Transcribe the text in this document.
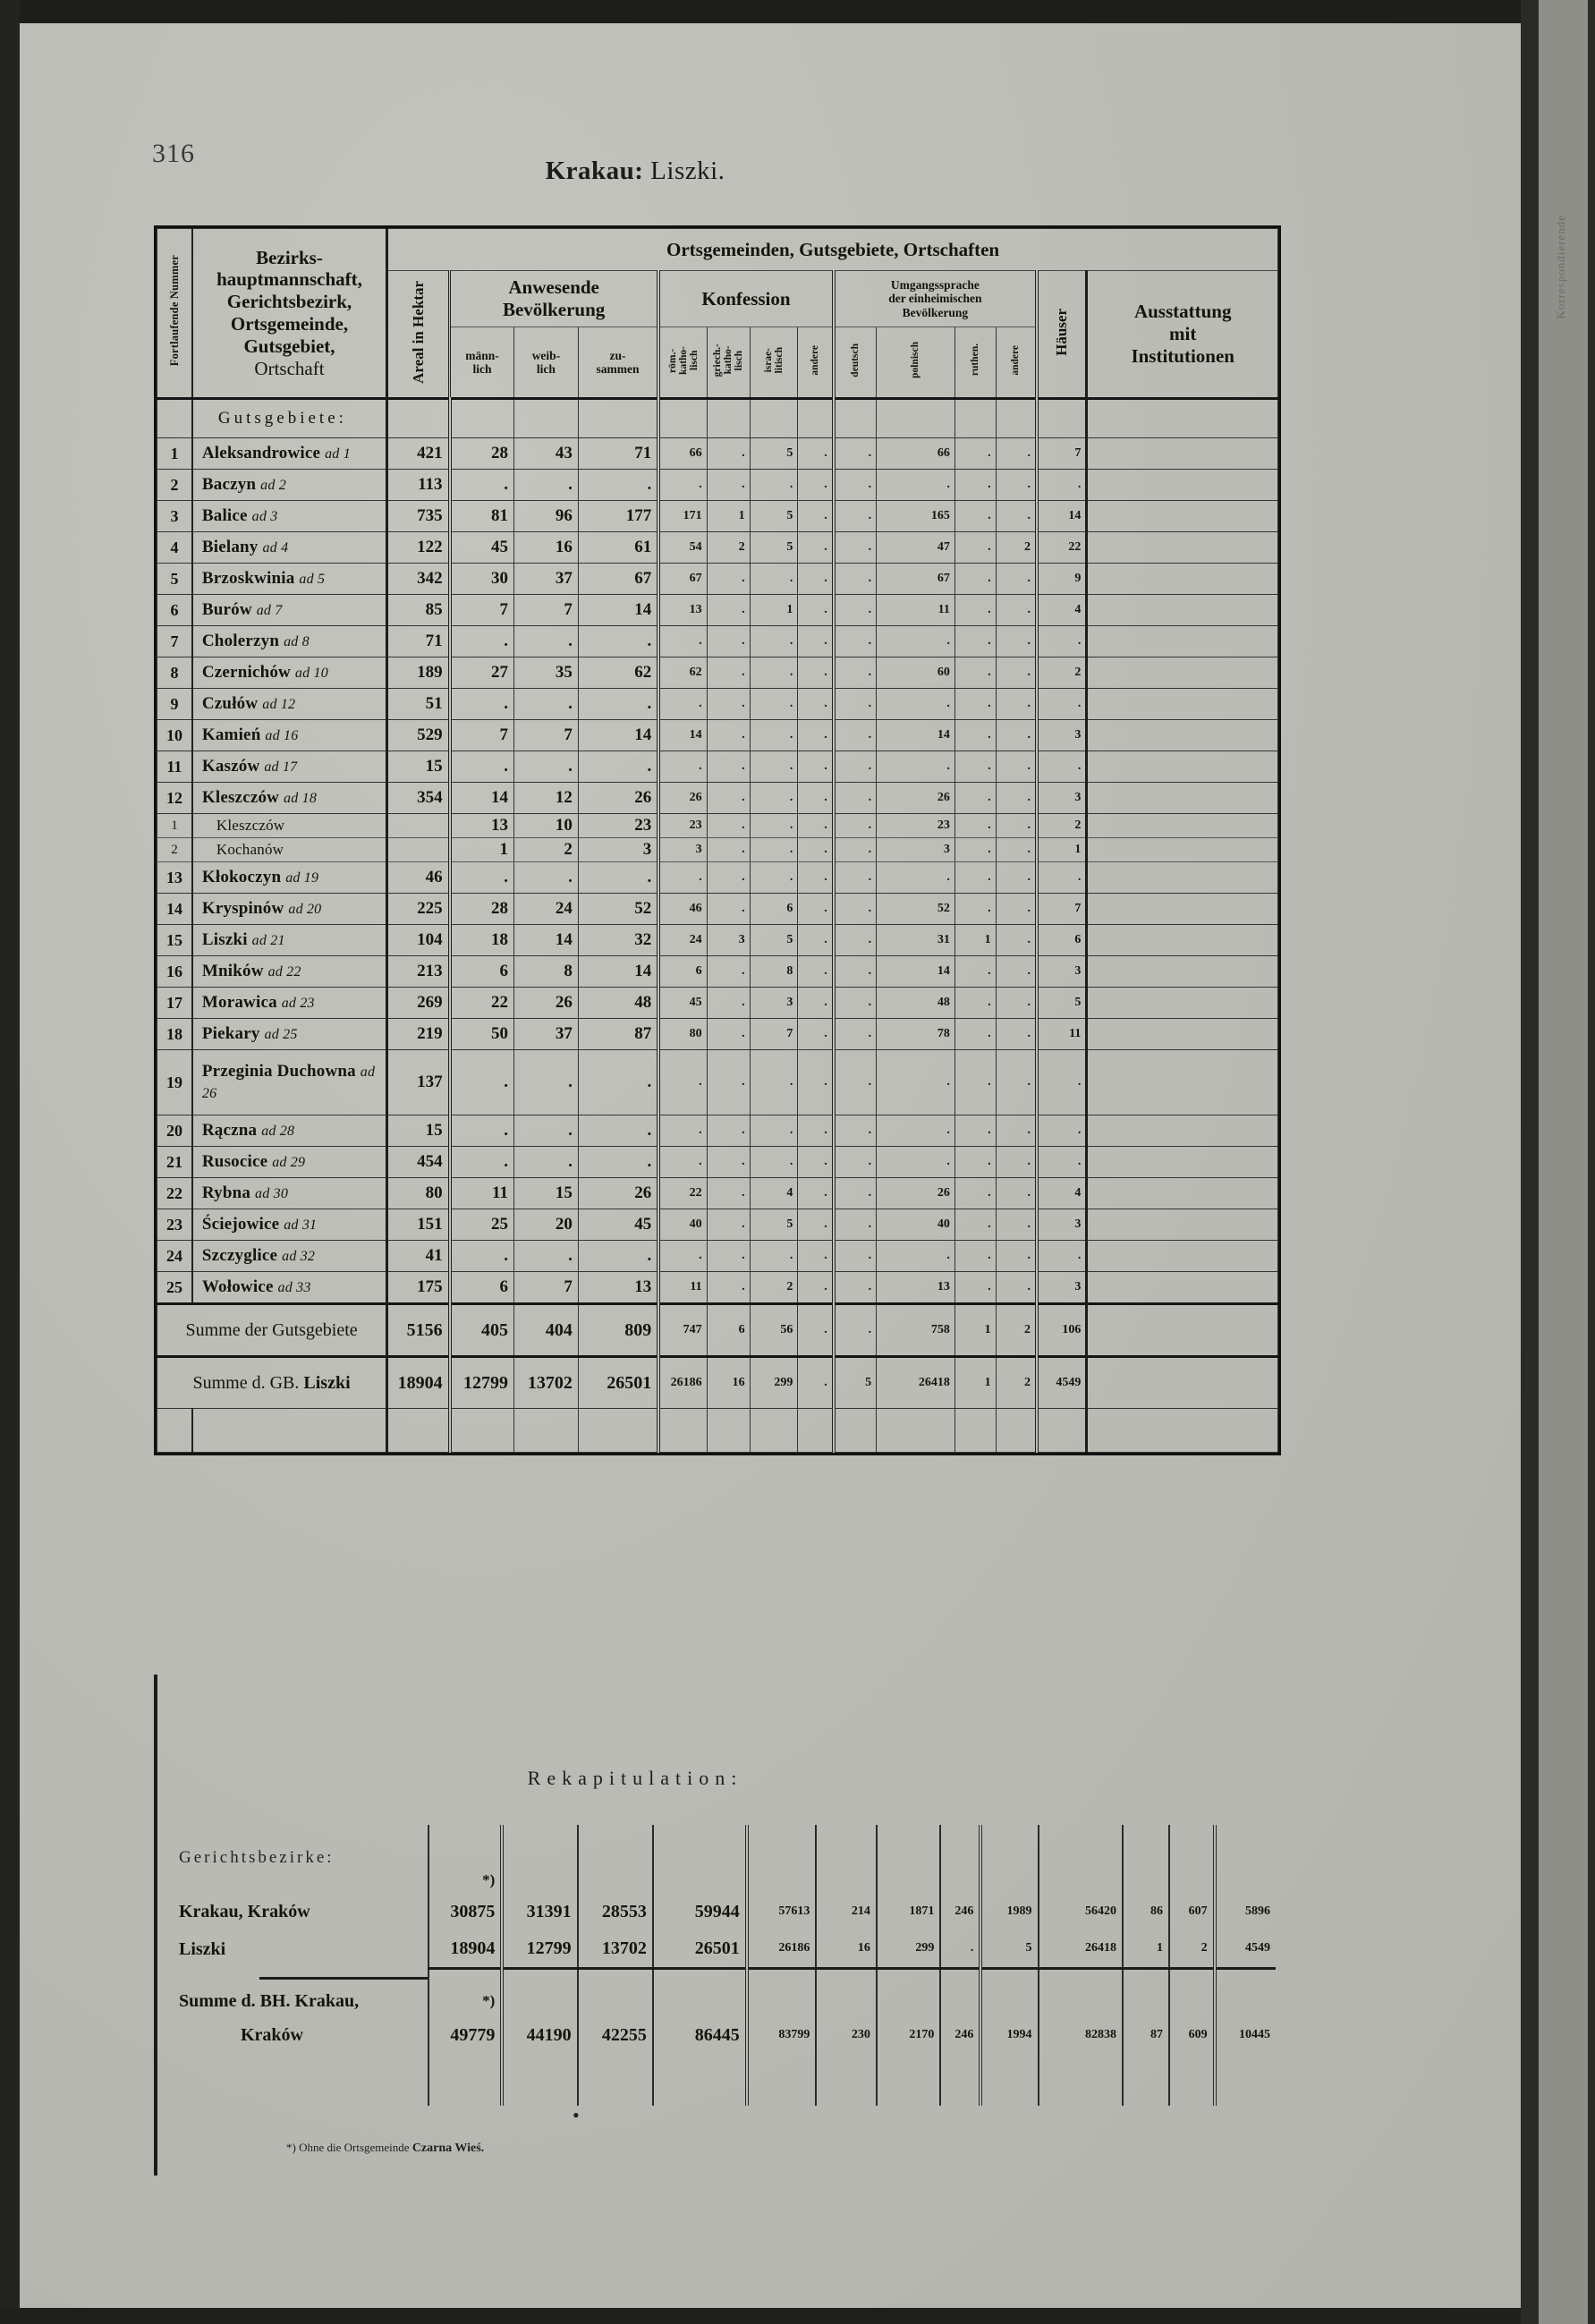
316
Krakau: Liszki.
Korrespondierende
Fortlaufende Nummer	Bezirks-
hauptmannschaft,
Gerichtsbezirk,
Ortsgemeinde,
Gutsgebiet,
Ortschaft
	Ortsgemeinden, Gutsgebiete, Ortschaften
Areal in Hektar	Anwesende
Bevölkerung
	Konfession	
Umgangssprache
der einheimischen
Bevölkerung	Häuser	Ausstattung
mit
Institutionen

männ-
lich

weib-
lich

zu-
sammen	röm.-
katho-
lisch	griech.-
katho-
lisch	israe-
litisch	andere	deutsch	polnisch	ruthen.	andere
	Gutsgebiete:														
1	Aleksandrowice ad 1	421	28	43	71	66	.	5	.	.	66	.	.	7	
2	Baczyn ad 2	113	.	.	.	.	.	.	.	.	.	.	.	.	
3	Balice ad 3	735	81	96	177	171	1	5	.	.	165	.	.	14	
4	Bielany ad 4	122	45	16	61	54	2	5	.	.	47	.	2	22	
5	Brzoskwinia ad 5	342	30	37	67	67	.	.	.	.	67	.	.	9	
6	Burów ad 7	85	7	7	14	13	.	1	.	.	11	.	.	4	
7	Cholerzyn ad 8	71	.	.	.	.	.	.	.	.	.	.	.	.	
8	Czernichów ad 10	189	27	35	62	62	.	.	.	.	60	.	.	2	
9	Czułów ad 12	51	.	.	.	.	.	.	.	.	.	.	.	.	
10	Kamień ad 16	529	7	7	14	14	.	.	.	.	14	.	.	3	
11	Kaszów ad 17	15	.	.	.	.	.	.	.	.	.	.	.	.	
12	Kleszczów ad 18	354	14	12	26	26	.	.	.	.	26	.	.	3	
1	Kleszczów		13	10	23	23	.	.	.	.	23	.	.	2	
2	Kochanów		1	2	3	3	.	.	.	.	3	.	.	1	
13	Kłokoczyn ad 19	46	.	.	.	.	.	.	.	.	.	.	.	.	
14	Kryspinów ad 20	225	28	24	52	46	.	6	.	.	52	.	.	7	
15	Liszki ad 21	104	18	14	32	24	3	5	.	.	31	1	.	6	
16	Mników ad 22	213	6	8	14	6	.	8	.	.	14	.	.	3	
17	Morawica ad 23	269	22	26	48	45	.	3	.	.	48	.	.	5	
18	Piekary ad 25	219	50	37	87	80	.	7	.	.	78	.	.	11	
19	Przeginia Duchowna ad 26	137	.	.	.	.	.	.	.	.	.	.	.	.	
20	Rączna ad 28	15	.	.	.	.	.	.	.	.	.	.	.	.	
21	Rusocice ad 29	454	.	.	.	.	.	.	.	.	.	.	.	.	
22	Rybna ad 30	80	11	15	26	22	.	4	.	.	26	.	.	4	
23	Ściejowice ad 31	151	25	20	45	40	.	5	.	.	40	.	.	3	
24	Szczyglice ad 32	41	.	.	.	.	.	.	.	.	.	.	.	.	
25	Wołowice ad 33	175	6	7	13	11	.	2	.	.	13	.	.	3	
Summe der Gutsgebiete		5156	405	404	809	747	6	56	.	.	758	1	2	106	
Summe d. GB. Liszki		18904	12799	13702	26501	26186	16	299	.	5	26418	1	2	4549	

Rekapitulation:
Gerichtsbezirke:													
	*)												
Krakau, Kraków	30875	31391	28553	59944	57613	214	1871	246	1989	56420	86	607	5896
Liszki	18904	12799	13702	26501	26186	16	299	.	5	26418	1	2	4549

Summe d. BH. Krakau,	*)												
Kraków	49779	44190	42255	86445	83799	230	2170	246	1994	82838	87	609	10445

•
*) Ohne die Ortsgemeinde Czarna Wieś.
